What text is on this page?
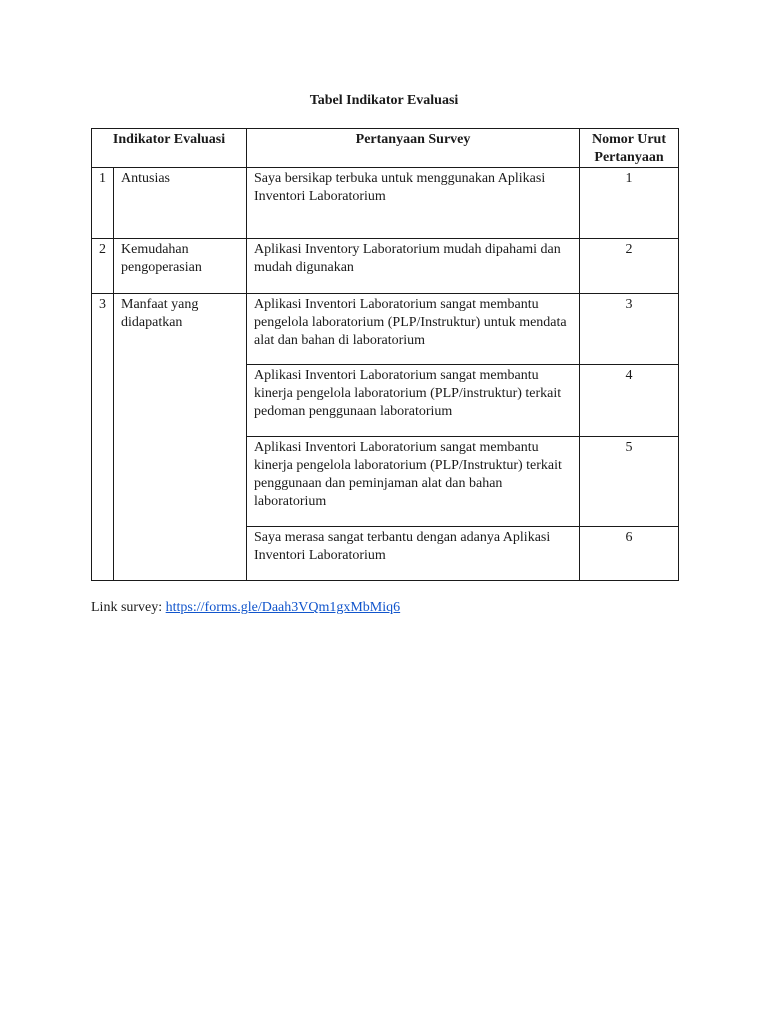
Tabel Indikator Evaluasi
Indikator Evaluasi		Pertanyaan Survey	Nomor Urut Pertanyaan
1	Antusias	Saya bersikap terbuka untuk menggunakan Aplikasi Inventori Laboratorium	1
2	Kemudahan pengoperasian	Aplikasi Inventory Laboratorium mudah dipahami dan mudah digunakan	2
3	Manfaat yang didapatkan	Aplikasi Inventori Laboratorium sangat membantu pengelola laboratorium (PLP/Instruktur) untuk mendata alat dan bahan di laboratorium	3
		Aplikasi Inventori Laboratorium sangat membantu kinerja pengelola laboratorium (PLP/instruktur) terkait pedoman penggunaan laboratorium	4
		Aplikasi Inventori Laboratorium sangat membantu kinerja pengelola laboratorium (PLP/Instruktur) terkait penggunaan dan peminjaman alat dan bahan laboratorium	5
		Saya merasa sangat terbantu dengan adanya Aplikasi Inventori Laboratorium	6
Link survey: https://forms.gle/Daah3VQm1gxMbMiq6
